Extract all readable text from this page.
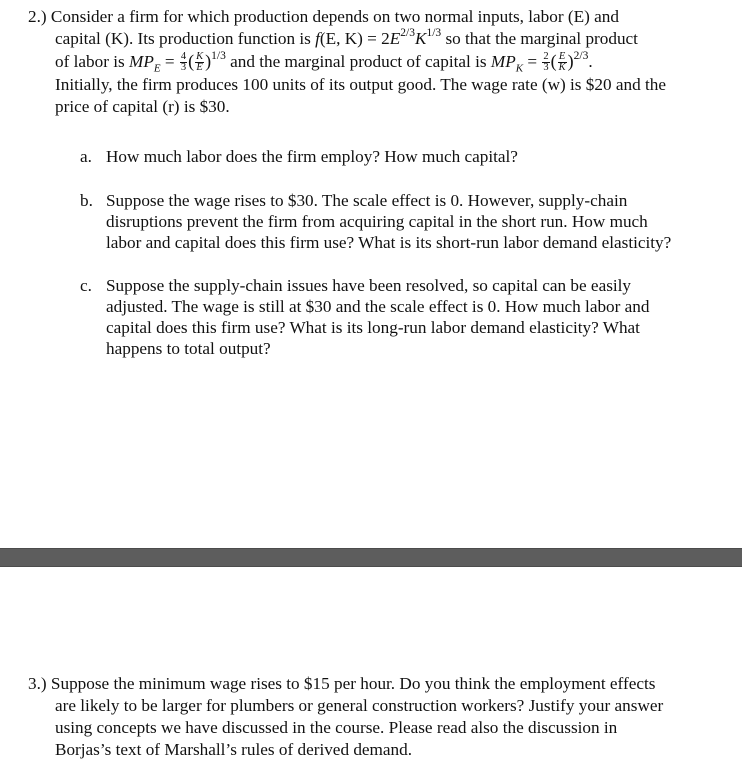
2.) Consider a firm for which production depends on two normal inputs, labor (E) and
capital (K). Its production function is f(E, $K) = 2E^{2/3}K^{1/3}$ so that the marginal product
of labor is $MP_E = \frac{4}{3}$ ( $\frac{K}{E} )^{1/3}$ and the marginal product of capital is $MP_K = \frac{2}{3}$ ( $\frac{E}{K} )^{2/3}$.
Initially, the firm produces 100 units of its output good. The wage rate (w) is $20 and the
price of capital (r) is $30.
a. How much labor does the firm employ? How much capital?
b. Suppose the wage rises to $30. The scale effect is 0. However, supply-chain
disruptions prevent the firm from acquiring capital in the short run. How much
labor and capital does this firm use? What is its short-run labor demand elasticity?
c. Suppose the supply-chain issues have been resolved, so capital can be easily
adjusted. The wage is still at $30 and the scale effect is 0. How much labor and
capital does this firm use? What is its long-run labor demand elasticity? What
happens to total output?
3.) Suppose the minimum wage rises to $15 per hour. Do you think the employment effects
are likely to be larger for plumbers or general construction workers? Justify your answer
using concepts we have discussed in the course. Please read also the discussion in
Borjas’s text of Marshall’s rules of derived demand.
